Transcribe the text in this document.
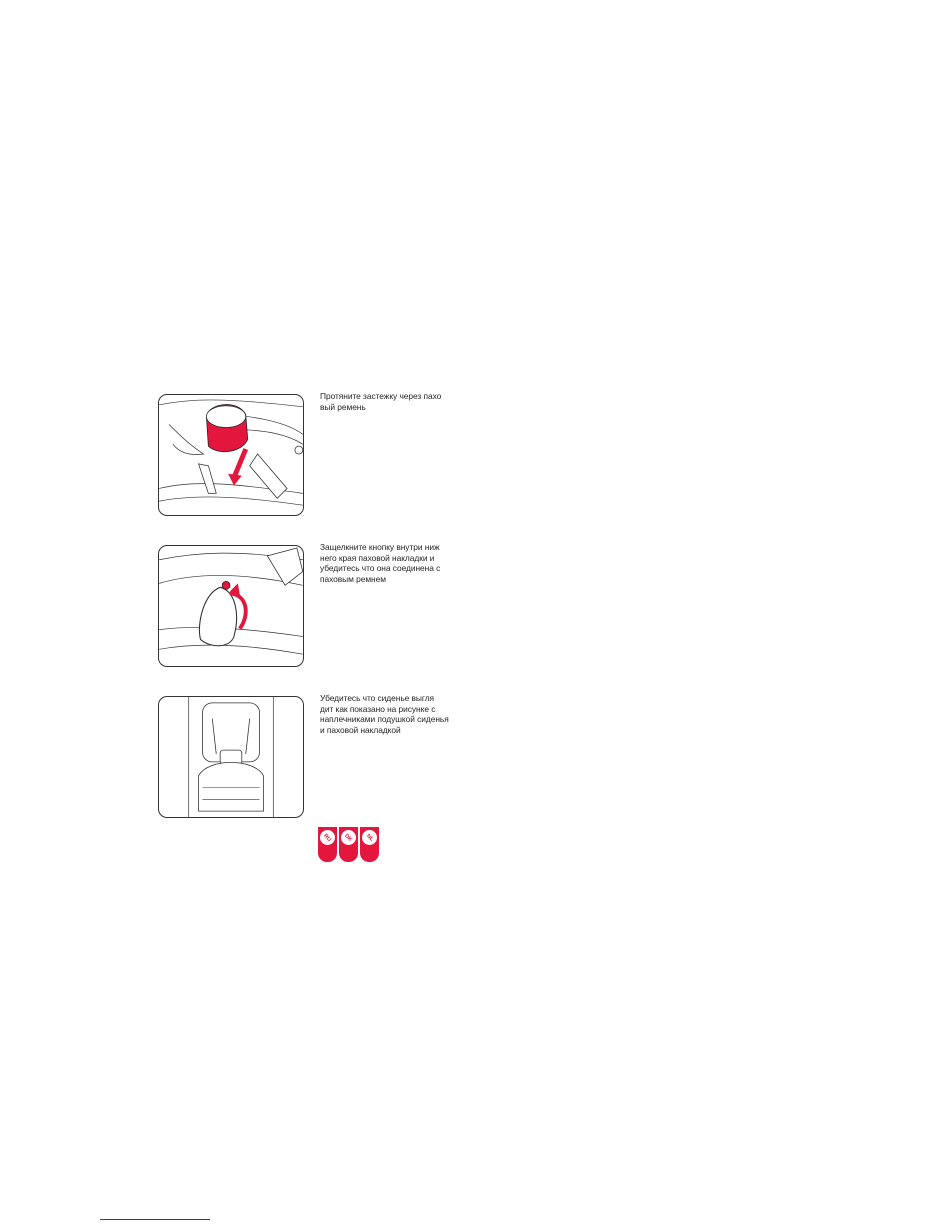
Протяните застежку через пахо
вый ремень
Защелкните кнопку внутри ниж
него края паховой накладки и
убедитесь что она соединена с
паховым ремнем
Убедитесь что сиденье выгля
дит как показано на рисунке с
наплечниками подушкой сиденья
и паховой накладкой
RU DK NL
